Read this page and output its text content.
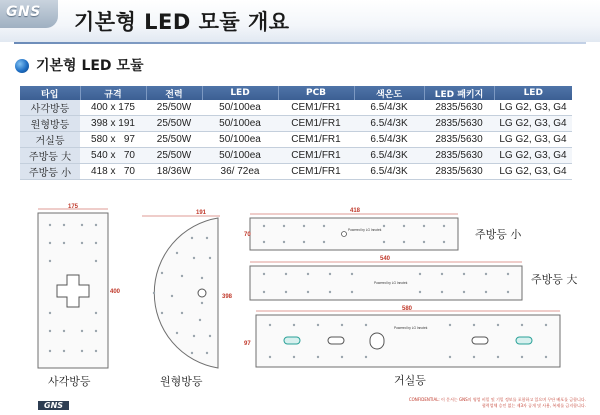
GNS 기본형 LED 모듈 개요
기본형 LED 모듈
타입	규격	전력	LED	PCB	색온도	LED 패키지	LED
사각방등	400 x 175	25/50W	50/100ea	CEM1/FR1	6.5/4/3K	2835/5630	LG G2, G3, G4
원형방등	398 x 191	25/50W	50/100ea	CEM1/FR1	6.5/4/3K	2835/5630	LG G2, G3, G4
거실등	580 x   97	25/50W	50/100ea	CEM1/FR1	6.5/4/3K	2835/5630	LG G2, G3, G4
주방등 大	540 x   70	25/50W	50/100ea	CEM1/FR1	6.5/4/3K	2835/5630	LG G2, G3, G4
주방등 小	418 x   70	18/36W	36/ 72ea	CEM1/FR1	6.5/4/3K	2835/5630	LG G2, G3, G4
175
400
사각방등
191
398
원형방등
418
70
Powered by LG Innotek	주방등 小
540
Powered by LG Innotek	주방등 大
580
97
Powered by LG Innotek
거실등
GNS
CONFIDENTIAL: 이 문서는 GNS의 영업 비밀 및 기밀 정보를 포함하고 있으며 무단 배포를 금합니다.
협력업체 승인 없는 제3자 공개 및 사용, 복제를 금지합니다.
